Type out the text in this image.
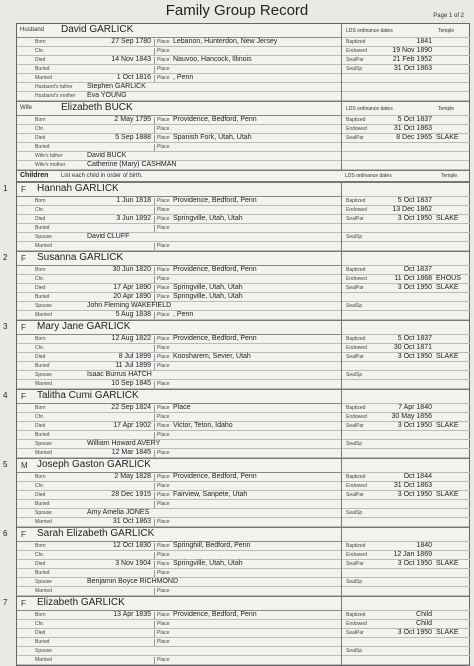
Family Group Record	Page 1 of 2
Husband David GARLICK
Born	27 Sep 1780	Place Lebanon, Hunterdon, New Jersey
Chr.	Place
Died	14 Nov 1843	Place Nauvoo, Hancock, Illinois
Buried	Place
Married	1 Oct 1816	Place , Penn
Husband's father Stephen GARLICK
Husband's mother Eva YOUNG
LDS ordinance dates	Temple
Baptized	1841
Endowed	19 Nov 1890
SealPar	21 Feb 1952
SealSp	31 Oct 1863
Wife	Elizabeth BUCK
Born	2 May 1795	Place Providence, Bedford, Penn
Chr.	Place
Died	5 Sep 1888	Place Spanish Fork, Utah, Utah
Buried	Place
Wife's father	David BUCK
Wife's mother	Catherine (Mary) CASHMAN
LDS ordinance dates	Temple
Baptized	5 Oct 1837
Endowed	31 Oct 1863
SealPar	8 Dec 1965 SLAKE
Children List each child in order of birth.	LDS ordinance dates	Temple
1 F Hannah GARLICK
Born	1 Jun 1818	Place Providence, Bedford, Penn
Chr.	Place
Died	3 Jun 1892	Place Springville, Utah, Utah
Buried	Place
Spouse	David CLUFF
Married	Place
Baptized	5 Oct 1837
Endowed	13 Dec 1862
SealPar	3 Oct 1950 SLAKE
SealSp
2 F Susanna GARLICK
Born	30 Jun 1820	Place Providence, Bedford, Penn
Chr.	Place
Died	17 Apr 1890	Place Springville, Utah, Utah
Buried	20 Apr 1890	Place Springville, Utah, Utah
Spouse	John Fleming WAKEFIELD
Married	5 Aug 1838	Place , Penn
Baptized	Oct 1837
Endowed	11 Oct 1868 EHOUS
SealPar	3 Oct 1950 SLAKE
SealSp
3 F Mary Jane GARLICK
Born	12 Aug 1822	Place Providence, Bedford, Penn
Chr.	Place
Died	8 Jul 1899	Place Koosharem, Sevier, Utah
Buried	11 Jul 1899	Place
Spouse	Isaac Burrus HATCH
Married	10 Sep 1845	Place
Baptized	5 Oct 1837
Endowed	30 Oct 1871
SealPar	3 Oct 1950 SLAKE
SealSp
4 F Talitha Cumi GARLICK
Born	22 Sep 1824	Place Place
Chr.	Place
Died	17 Apr 1902	Place Victor, Teton, Idaho
Buried	Place
Spouse	William Howard AVERY
Married	12 Mar 1845	Place
Baptized	7 Apr 1840
Endowed	30 May 1856
SealPar	3 Oct 1950 SLAKE
SealSp
5 M Joseph Gaston GARLICK
Born	2 May 1828	Place Providence, Bedford, Penn
Chr.	Place
Died	28 Dec 1915	Place Fairview, Sanpete, Utah
Buried	Place
Spouse	Amy Amelia JONES
Married	31 Oct 1863	Place
Baptized	Oct 1844
Endowed	31 Oct 1863
SealPar	3 Oct 1950 SLAKE
SealSp
6 F Sarah Elizabeth GARLICK
Born	12 Oct 1830	Place Springhill, Bedford, Penn
Chr.	Place
Died	3 Nov 1904	Place Springville, Utah, Utah
Buried	Place
Spouse	Benjamin Boyce RICHMOND
Married	Place
Baptized	1840
Endowed	12 Jan 1869
SealPar	3 Oct 1950 SLAKE
SealSp
7 F Elizabeth GARLICK
Born	13 Apr 1835	Place Providence, Bedford, Penn
Chr.	Place
Died	Place
Buried	Place
Spouse
Married	Place
Baptized	Child
Endowed	Child
SealPar	3 Oct 1950 SLAKE
SealSp
